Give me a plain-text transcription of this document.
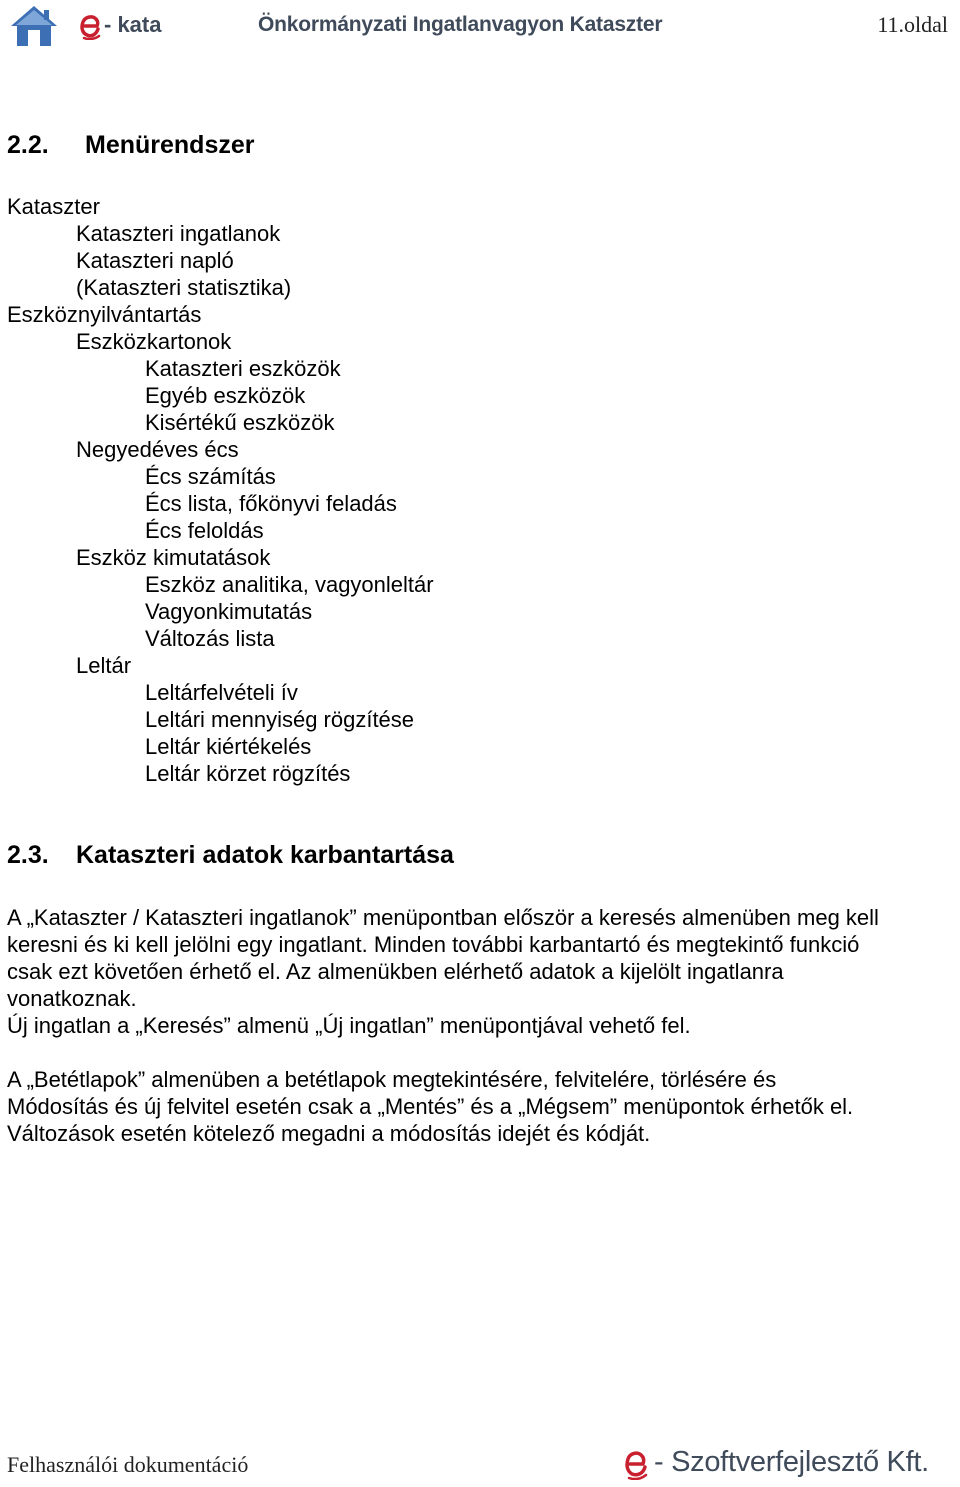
- kata	Önkormányzati Ingatlanvagyon Kataszter	11.oldal
2.2. Menürendszer
Kataszter
Kataszteri ingatlanok
Kataszteri napló
(Kataszteri statisztika)
Eszköznyilvántartás
Eszközkartonok
Kataszteri eszközök
Egyéb eszközök
Kisértékű eszközök
Negyedéves écs
Écs számítás
Écs lista, főkönyvi feladás
Écs feloldás
Eszköz kimutatások
Eszköz analitika, vagyonleltár
Vagyonkimutatás
Változás lista
Leltár
Leltárfelvételi ív
Leltári mennyiség rögzítése
Leltár kiértékelés
Leltár körzet rögzítés
2.3. Kataszteri adatok karbantartása
A „Kataszter / Kataszteri ingatlanok” menüpontban először a keresés almenüben meg kell
keresni és ki kell jelölni egy ingatlant. Minden további karbantartó és megtekintő funkció
csak ezt követően érhető el. Az almenükben elérhető adatok a kijelölt ingatlanra
vonatkoznak.
Új ingatlan a „Keresés” almenü „Új ingatlan” menüpontjával vehető fel.
A „Betétlapok” almenüben a betétlapok megtekintésére, felvitelére, törlésére és
Módosítás és új felvitel esetén csak a „Mentés” és a „Mégsem” menüpontok érhetők el.
Változások esetén kötelező megadni a módosítás idejét és kódját.
Felhasználói dokumentáció	- Szoftverfejlesztő Kft.
